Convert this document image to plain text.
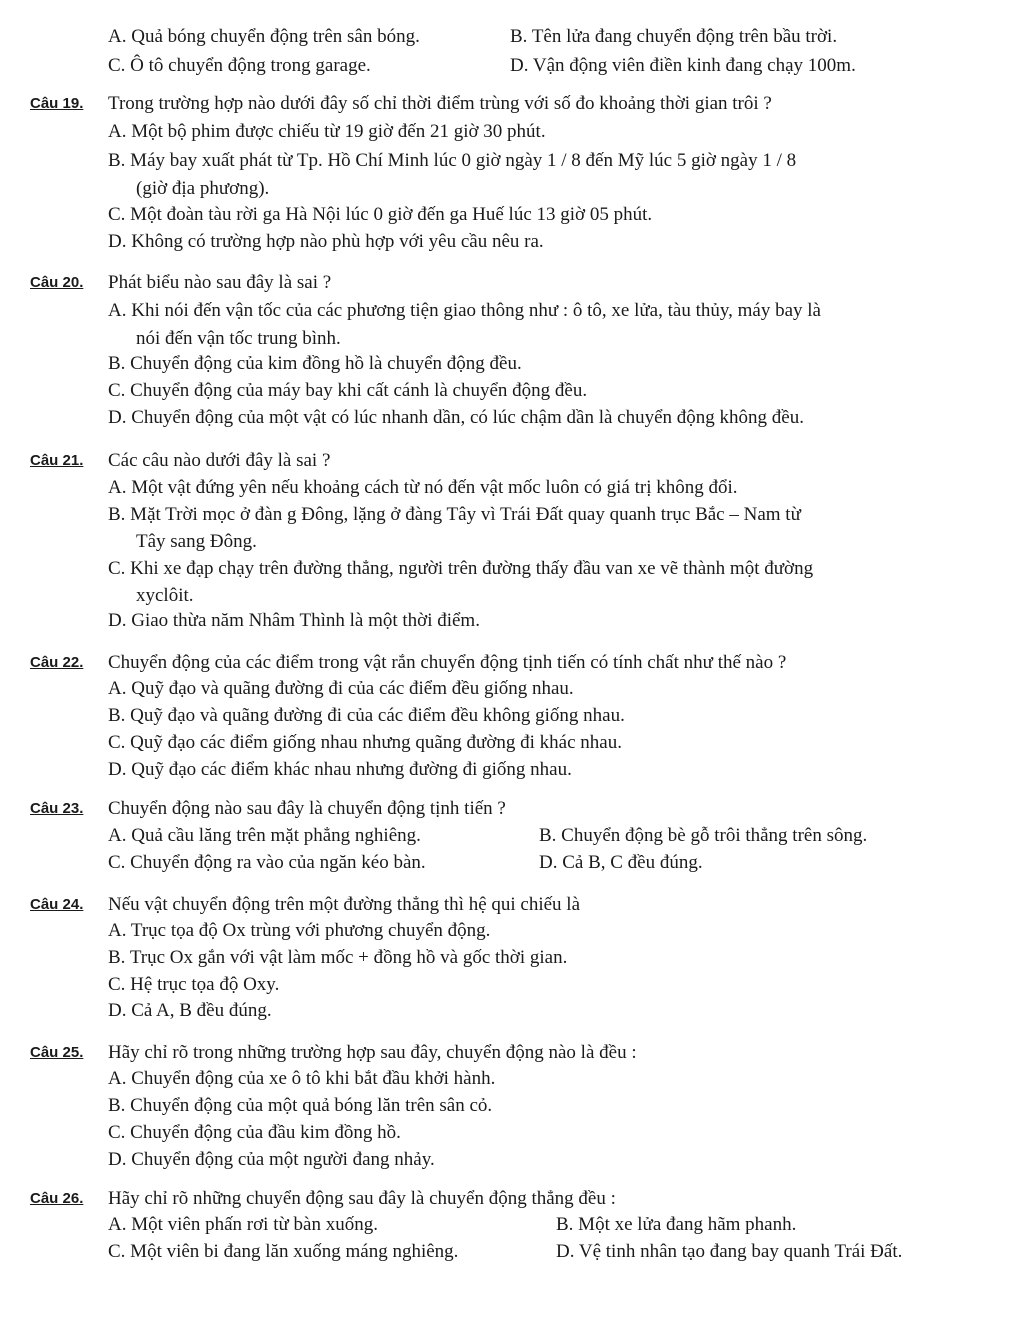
A. Quả bóng chuyển động trên sân bóng.	B. Tên lửa đang chuyển động trên bầu trời.
C. Ô tô chuyển động trong garage.	D. Vận động viên điền kinh đang chạy 100m.
Câu 19. Trong trường hợp nào dưới đây số chỉ thời điểm trùng với số đo khoảng thời gian trôi ?
A. Một bộ phim được chiếu từ 19 giờ đến 21 giờ 30 phút.
B. Máy bay xuất phát từ Tp. Hồ Chí Minh lúc 0 giờ ngày 1 / 8 đến Mỹ lúc 5 giờ ngày 1 / 8
(giờ địa phương).
C. Một đoàn tàu rời ga Hà Nội lúc 0 giờ đến ga Huế lúc 13 giờ 05 phút.
D. Không có trường hợp nào phù hợp với yêu cầu nêu ra.
Câu 20. Phát biểu nào sau đây là sai ?
A. Khi nói đến vận tốc của các phương tiện giao thông như : ô tô, xe lửa, tàu thủy, máy bay là
nói đến vận tốc trung bình.
B. Chuyển động của kim đồng hồ là chuyển động đều.
C. Chuyển động của máy bay khi cất cánh là chuyển động đều.
D. Chuyển động của một vật có lúc nhanh dần, có lúc chậm dần là chuyển động không đều.
Câu 21. Các câu nào dưới đây là sai ?
A. Một vật đứng yên nếu khoảng cách từ nó đến vật mốc luôn có giá trị không đổi.
B. Mặt Trời mọc ở đàn g Đông, lặng ở đàng Tây vì Trái Đất quay quanh trục Bắc – Nam từ
Tây sang Đông.
C. Khi xe đạp chạy trên đường thẳng, người trên đường thấy đầu van xe vẽ thành một đường
xyclôit.
D. Giao thừa năm Nhâm Thình là một thời điểm.
Câu 22. Chuyển động của các điểm trong vật rắn chuyển động tịnh tiến có tính chất như thế nào ?
A. Quỹ đạo và quãng đường đi của các điểm đều giống nhau.
B. Quỹ đạo và quãng đường đi của các điểm đều không giống nhau.
C. Quỹ đạo các điểm giống nhau nhưng quãng đường đi khác nhau.
D. Quỹ đạo các điểm khác nhau nhưng đường đi giống nhau.
Câu 23. Chuyển động nào sau đây là chuyển động tịnh tiến ?
A. Quả cầu lăng trên mặt phẳng nghiêng.	B. Chuyển động bè gỗ trôi thẳng trên sông.
C. Chuyển động ra vào của ngăn kéo bàn.	D. Cả B, C đều đúng.
Câu 24. Nếu vật chuyển động trên một đường thẳng thì hệ qui chiếu là
A. Trục tọa độ Ox trùng với phương chuyển động.
B. Trục Ox gắn với vật làm mốc + đồng hồ và gốc thời gian.
C. Hệ trục tọa độ Oxy.
D. Cả A, B đều đúng.
Câu 25. Hãy chỉ rõ trong những trường hợp sau đây, chuyển động nào là đều :
A. Chuyển động của xe ô tô khi bắt đầu khởi hành.
B. Chuyển động của một quả bóng lăn trên sân cỏ.
C. Chuyển động của đầu kim đồng hồ.
D. Chuyển động của một người đang nhảy.
Câu 26. Hãy chỉ rõ những chuyển động sau đây là chuyển động thẳng đều :
A. Một viên phấn rơi từ bàn xuống.	B. Một xe lửa đang hãm phanh.
C. Một viên bi đang lăn xuống máng nghiêng.	D. Vệ tinh nhân tạo đang bay quanh Trái Đất.
